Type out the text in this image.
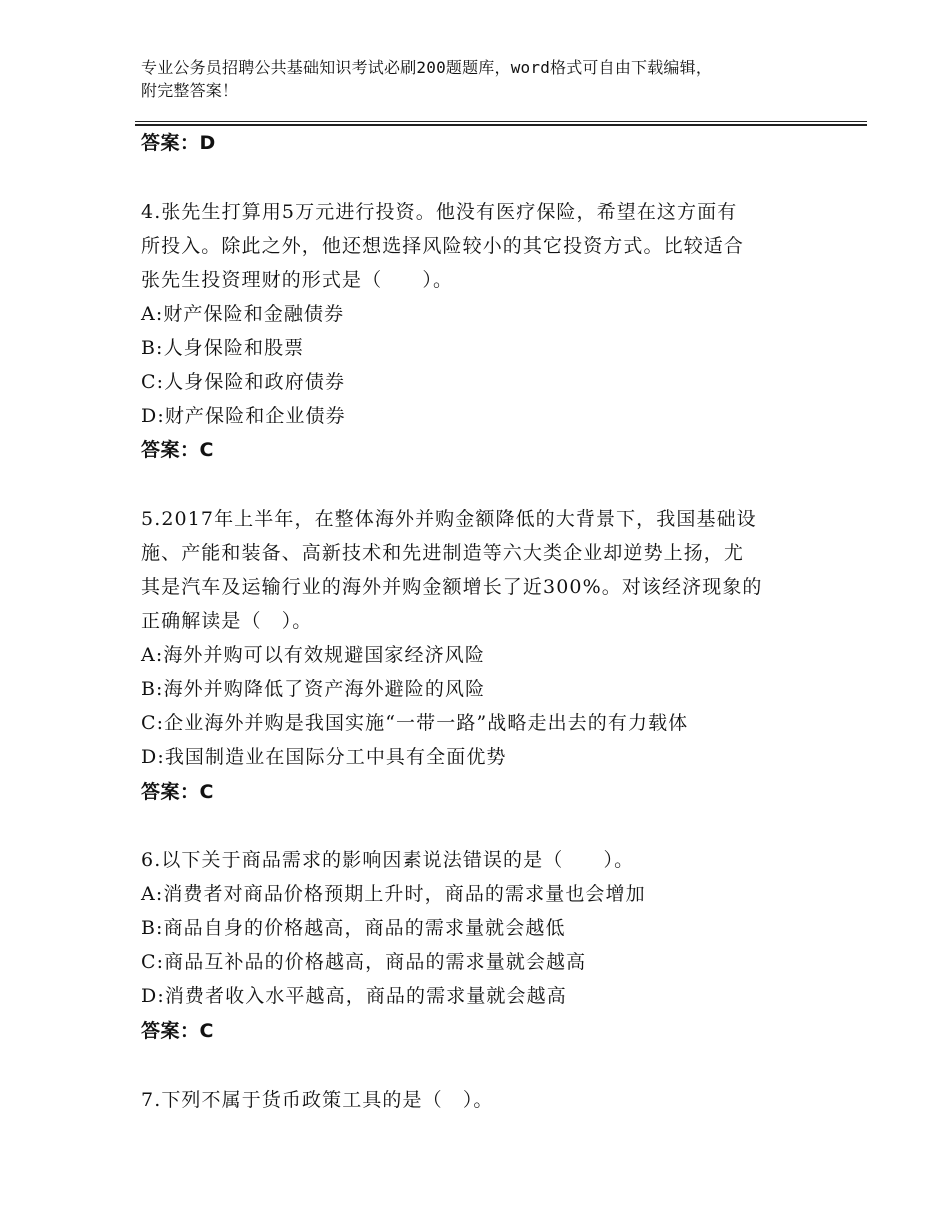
专业公务员招聘公共基础知识考试必刷200题题库，word格式可自由下载编辑，
附完整答案！
答案：D
4.张先生打算用5万元进行投资。他没有医疗保险，希望在这方面有
所投入。除此之外，他还想选择风险较小的其它投资方式。比较适合
张先生投资理财的形式是（　　）。
A:财产保险和金融债券
B:人身保险和股票
C:人身保险和政府债券
D:财产保险和企业债券
答案：C
5.2017年上半年，在整体海外并购金额降低的大背景下，我国基础设
施、产能和装备、高新技术和先进制造等六大类企业却逆势上扬，尤
其是汽车及运输行业的海外并购金额增长了近300%。对该经济现象的
正确解读是（　）。
A:海外并购可以有效规避国家经济风险
B:海外并购降低了资产海外避险的风险
C:企业海外并购是我国实施“一带一路”战略走出去的有力载体
D:我国制造业在国际分工中具有全面优势
答案：C
6.以下关于商品需求的影响因素说法错误的是（　　）。
A:消费者对商品价格预期上升时，商品的需求量也会增加
B:商品自身的价格越高，商品的需求量就会越低
C:商品互补品的价格越高，商品的需求量就会越高
D:消费者收入水平越高，商品的需求量就会越高
答案：C
7.下列不属于货币政策工具的是（　）。
